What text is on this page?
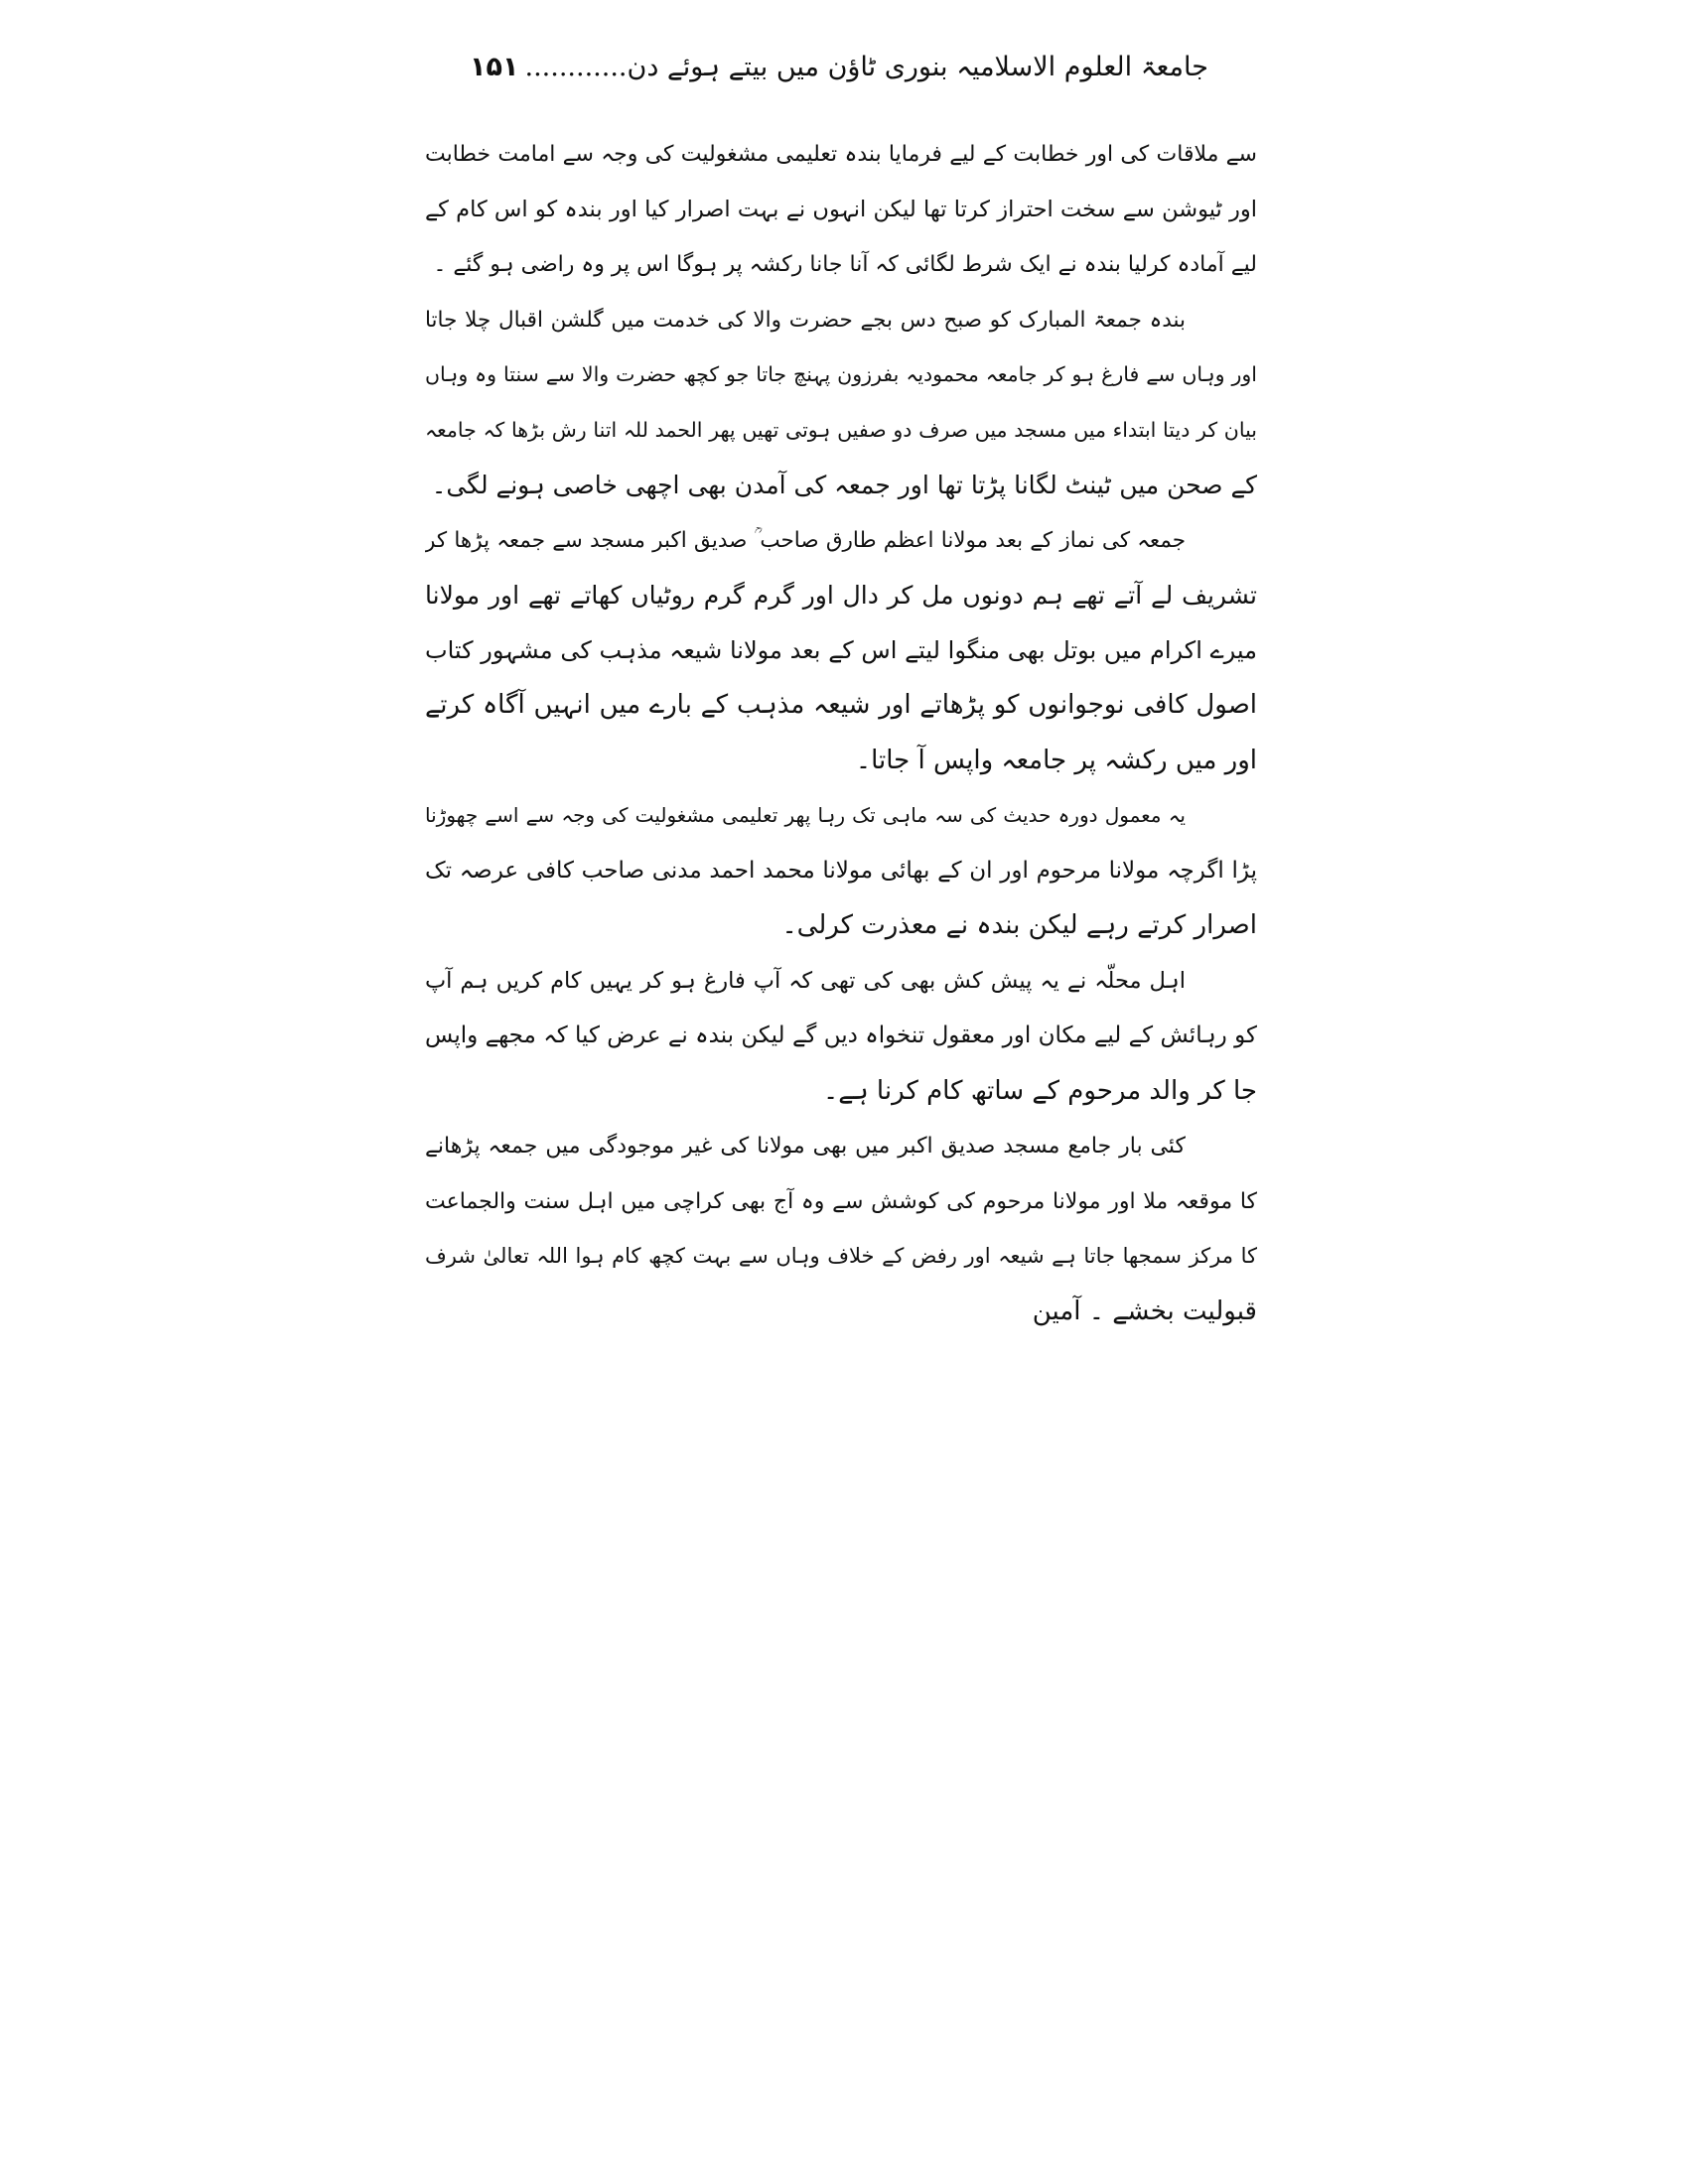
جامعۃ العلوم الاسلامیہ بنوری ٹاؤن میں بیتے ہوئے دن............۱۵۱
سے ملاقات کی اور خطابت کے لیے فرمایا بندہ تعلیمی مشغولیت کی وجہ سے امامت خطابت
اور ٹیوشن سے سخت احتراز کرتا تھا لیکن انہوں نے بہت اصرار کیا اور بندہ کو اس کام کے
لیے آمادہ کرلیا بندہ نے ایک شرط لگائی کہ آنا جانا رکشہ پر ہوگا اس پر وہ راضی ہو گئے ۔
بندہ جمعۃ المبارک کو صبح دس بجے حضرت والا کی خدمت میں گلشن اقبال چلا جاتا
اور وہاں سے فارغ ہو کر جامعہ محمودیہ بفرزون پہنچ جاتا جو کچھ حضرت والا سے سنتا وہ وہاں
بیان کر دیتا ابتداء میں مسجد میں صرف دو صفیں ہوتی تھیں پھر الحمد للہ اتنا رش بڑھا کہ جامعہ
کے صحن میں ٹینٹ لگانا پڑتا تھا اور جمعہ کی آمدن بھی اچھی خاصی ہونے لگی۔
جمعہ کی نماز کے بعد مولانا اعظم طارق صاحب ؒ صدیق اکبر مسجد سے جمعہ پڑھا کر
تشریف لے آتے تھے ہم دونوں مل کر دال اور گرم گرم روٹیاں کھاتے تھے اور مولانا
میرے اکرام میں بوتل بھی منگوا لیتے اس کے بعد مولانا شیعہ مذہب کی مشہور کتاب
اصول کافی نوجوانوں کو پڑھاتے اور شیعہ مذہب کے بارے میں انہیں آگاہ کرتے
اور میں رکشہ پر جامعہ واپس آ جاتا۔
یہ معمول دورہ حدیث کی سہ ماہی تک رہا پھر تعلیمی مشغولیت کی وجہ سے اسے چھوڑنا
پڑا اگرچہ مولانا مرحوم اور ان کے بھائی مولانا محمد احمد مدنی صاحب کافی عرصہ تک
اصرار کرتے رہے لیکن بندہ نے معذرت کرلی۔
اہل محلّہ نے یہ پیش کش بھی کی تھی کہ آپ فارغ ہو کر یہیں کام کریں ہم آپ
کو رہائش کے لیے مکان اور معقول تنخواہ دیں گے لیکن بندہ نے عرض کیا کہ مجھے واپس
جا کر والد مرحوم کے ساتھ کام کرنا ہے۔
کئی بار جامع مسجد صدیق اکبر میں بھی مولانا کی غیر موجودگی میں جمعہ پڑھانے
کا موقعہ ملا اور مولانا مرحوم کی کوشش سے وہ آج بھی کراچی میں اہل سنت والجماعت
کا مرکز سمجھا جاتا ہے شیعہ اور رفض کے خلاف وہاں سے بہت کچھ کام ہوا اللہ تعالیٰ شرف
قبولیت بخشے ۔ آمین
